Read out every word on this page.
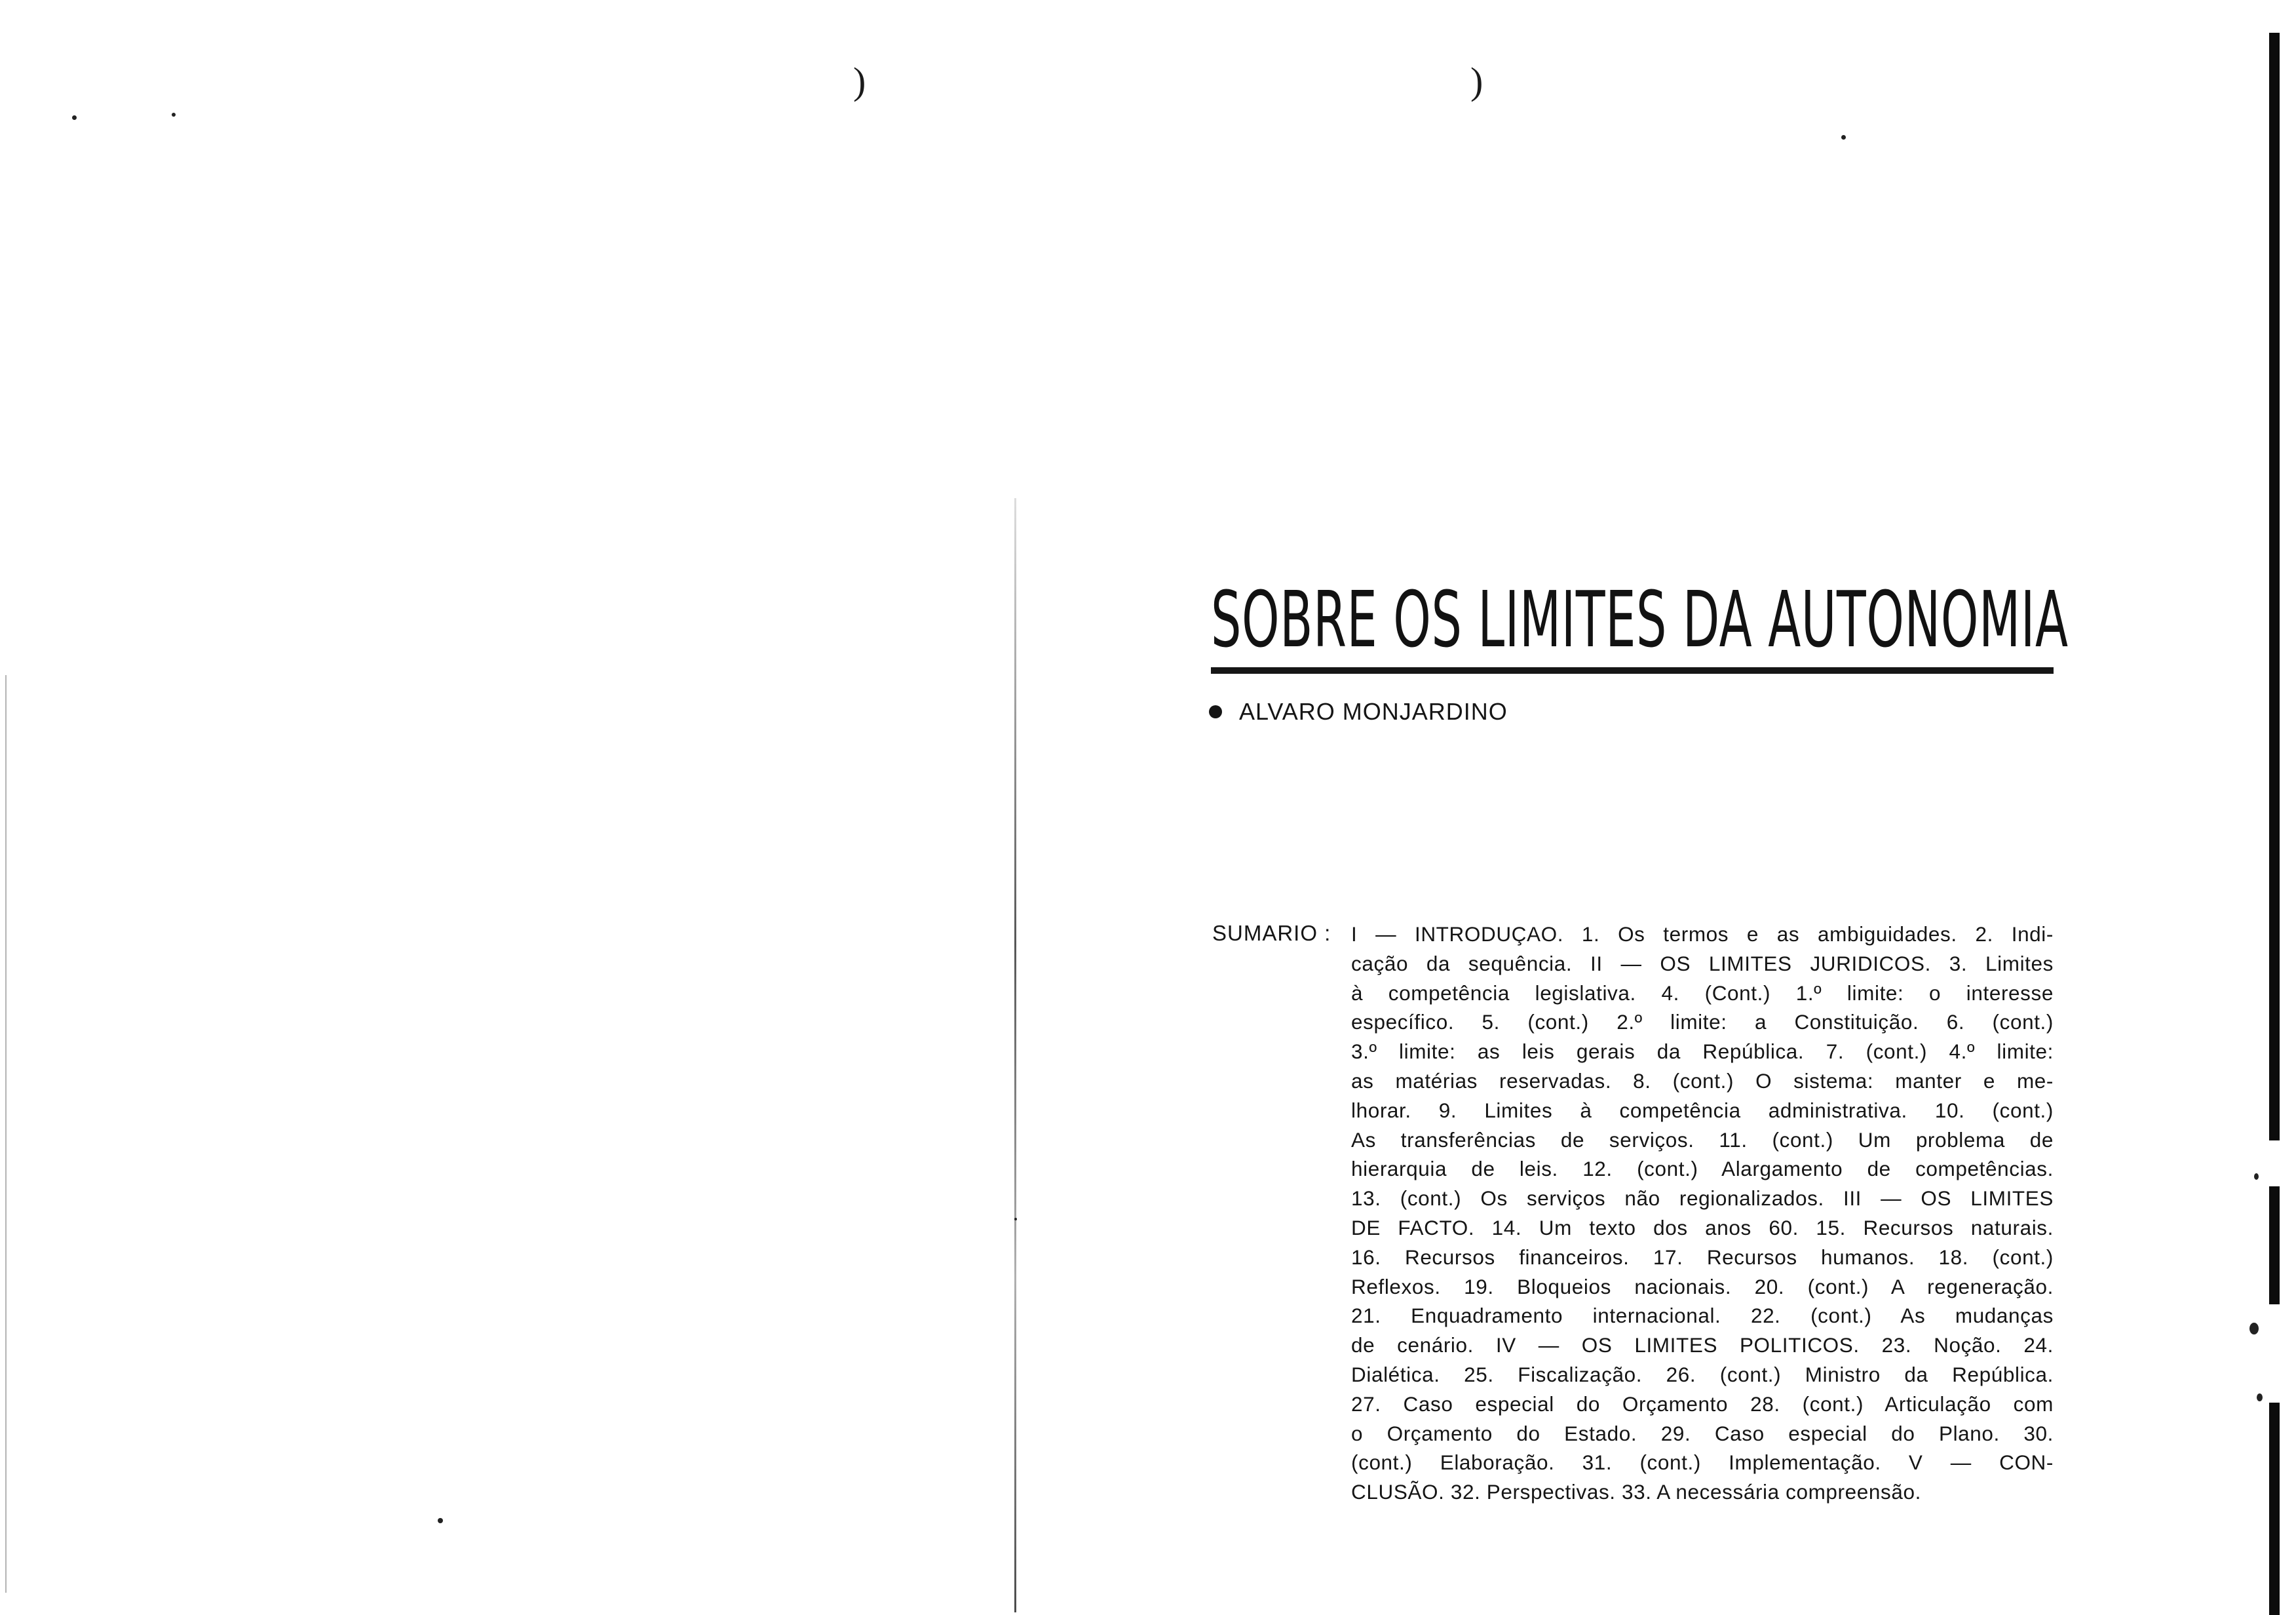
)	)
SOBRE OS LIMITES DA AUTONOMIA
ALVARO MONJARDINO
SUMARIO : I — INTRODUÇAO. 1. Os termos e as ambiguidades. 2. Indi-
cação da sequência. II — OS LIMITES JURIDICOS. 3. Limites
à competência legislativa. 4. (Cont.) 1.º limite: o interesse
específico. 5. (cont.) 2.º limite: a Constituição. 6. (cont.)
3.º limite: as leis gerais da República. 7. (cont.) 4.º limite:
as matérias reservadas. 8. (cont.) O sistema: manter e me-
lhorar. 9. Limites à competência administrativa. 10. (cont.)
As transferências de serviços. 11. (cont.) Um problema de
hierarquia de leis. 12. (cont.) Alargamento de competências.
13. (cont.) Os serviços não regionalizados. III — OS LIMITES
DE FACTO. 14. Um texto dos anos 60. 15. Recursos naturais.
16. Recursos financeiros. 17. Recursos humanos. 18. (cont.)
Reflexos. 19. Bloqueios nacionais. 20. (cont.) A regeneração.
21. Enquadramento internacional. 22. (cont.) As mudanças
de cenário. IV — OS LIMITES POLITICOS. 23. Noção. 24.
Dialética. 25. Fiscalização. 26. (cont.) Ministro da República.
27. Caso especial do Orçamento 28. (cont.) Articulação com
o Orçamento do Estado. 29. Caso especial do Plano. 30.
(cont.) Elaboração. 31. (cont.) Implementação. V — CON-
CLUSÃO. 32. Perspectivas. 33. A necessária compreensão.
